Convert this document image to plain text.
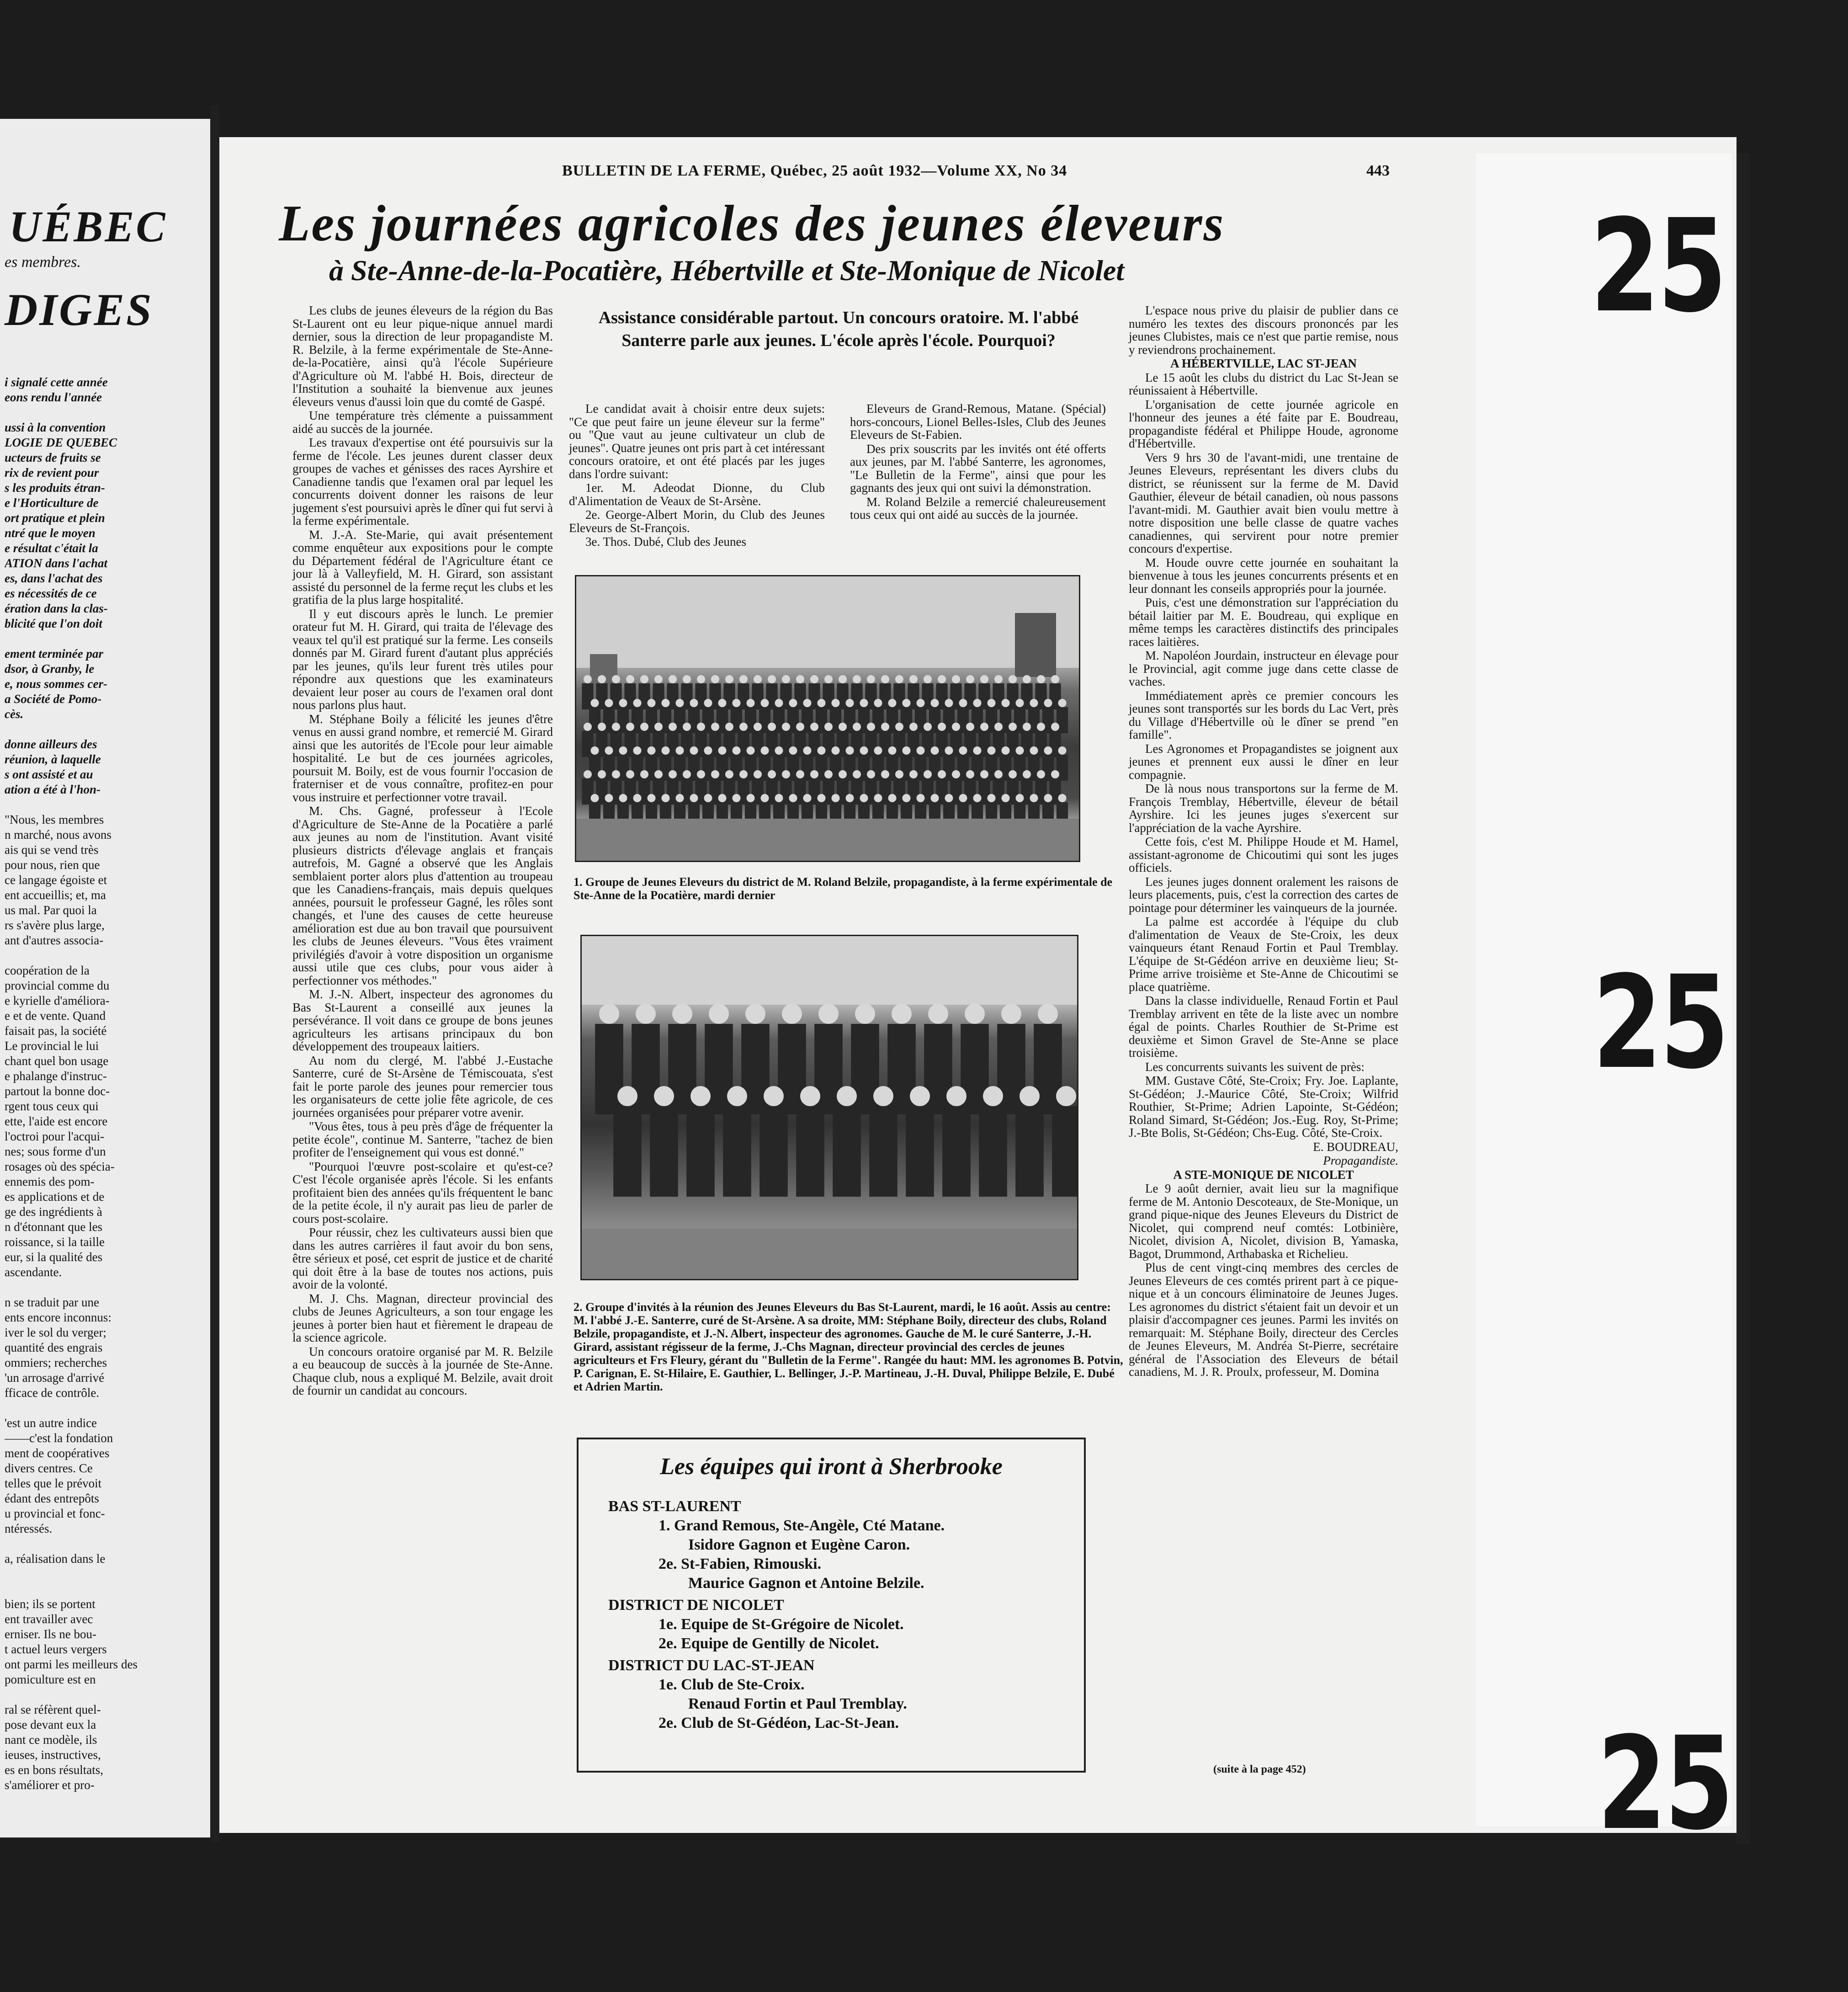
UÉBEC
es membres.
DIGES

i signalé cette année

eons rendu l'année

ussi à la convention

LOGIE DE QUEBEC

ucteurs de fruits se

rix de revient pour

s les produits étran-

e l'Horticulture de

ort pratique et plein

ntré que le moyen

e résultat c'était la

ATION dans l'achat

es, dans l'achat des

es nécessités de ce

ération dans la clas-

blicité que l'on doit

ement terminée par

dsor, à Granby, le

e, nous sommes cer-

a Société de Pomo-

cès.

donne ailleurs des

réunion, à laquelle

s ont assisté et au

ation a été à l'hon-

"Nous, les membres

n marché, nous avons

ais qui se vend très

pour nous, rien que

ce langage égoiste et

ent accueillis; et, ma

us mal. Par quoi la

rs s'avère plus large,

ant d'autres associa-

coopération de la

provincial comme du

e kyrielle d'améliora-

e et de vente. Quand

faisait pas, la société

Le provincial le lui

chant quel bon usage

e phalange d'instruc-

partout la bonne doc-

rgent tous ceux qui

ette, l'aide est encore

l'octroi pour l'acqui-

nes; sous forme d'un

rosages où des spécia-

ennemis des pom-

es applications et de

ge des ingrédients à

n d'étonnant que les

roissance, si la taille

eur, si la qualité des

ascendante.

n se traduit par une

ents encore inconnus:

iver le sol du verger;

quantité des engrais

ommiers; recherches

'un arrosage d'arrivé

fficace de contrôle.

'est un autre indice

——c'est la fondation

ment de coopératives

divers centres. Ce

telles que le prévoit

édant des entrepôts

u provincial et fonc-

ntéressés.

a, réalisation dans le

bien; ils se portent

ent travailler avec

erniser. Ils ne bou-

t actuel leurs vergers

ont parmi les meilleurs des

pomiculture est en

ral se réfèrent quel-

pose devant eux la

nant ce modèle, ils

ieuses, instructives,

es en bons résultats,

s'améliorer et pro-

BULLETIN DE LA FERME, Québec, 25 août 1932—Volume XX, No 34	443
Les journées agricoles des jeunes éleveurs
à Ste-Anne-de-la-Pocatière, Hébertville et Ste-Monique de Nicolet

Les clubs de jeunes éleveurs de la région du Bas St-Laurent ont eu leur pique-nique annuel mardi dernier, sous la direction de leur propagandiste M. R. Belzile, à la ferme expérimentale de Ste-Anne-de-la-Pocatière, ainsi qu'à l'école Supérieure d'Agriculture où M. l'abbé H. Bois, directeur de l'Institution a souhaité la bienvenue aux jeunes éleveurs venus d'aussi loin que du comté de Gaspé.

Une température très clémente a puissamment aidé au succès de la journée.

Les travaux d'expertise ont été poursuivis sur la ferme de l'école. Les jeunes durent classer deux groupes de vaches et génisses des races Ayrshire et Canadienne tandis que l'examen oral par lequel les concurrents doivent donner les raisons de leur jugement s'est poursuivi après le dîner qui fut servi à la ferme expérimentale.

M. J.-A. Ste-Marie, qui avait présentement comme enquêteur aux expositions pour le compte du Département fédéral de l'Agriculture étant ce jour là à Valleyfield, M. H. Girard, son assistant assisté du personnel de la ferme reçut les clubs et les gratifia de la plus large hospitalité.

Il y eut discours après le lunch. Le premier orateur fut M. H. Girard, qui traita de l'élevage des veaux tel qu'il est pratiqué sur la ferme. Les conseils donnés par M. Girard furent d'autant plus appréciés par les jeunes, qu'ils leur furent très utiles pour répondre aux questions que les examinateurs devaient leur poser au cours de l'examen oral dont nous parlons plus haut.

M. Stéphane Boily a félicité les jeunes d'être venus en aussi grand nombre, et remercié M. Girard ainsi que les autorités de l'Ecole pour leur aimable hospitalité. Le but de ces journées agricoles, poursuit M. Boily, est de vous fournir l'occasion de fraterniser et de vous connaître, profitez-en pour vous instruire et perfectionner votre travail.

M. Chs. Gagné, professeur à l'Ecole d'Agriculture de Ste-Anne de la Pocatière a parlé aux jeunes au nom de l'institution. Avant visité plusieurs districts d'élevage anglais et français autrefois, M. Gagné a observé que les Anglais semblaient porter alors plus d'attention au troupeau que les Canadiens-français, mais depuis quelques années, poursuit le professeur Gagné, les rôles sont changés, et l'une des causes de cette heureuse amélioration est due au bon travail que poursuivent les clubs de Jeunes éleveurs. "Vous êtes vraiment privilégiés d'avoir à votre disposition un organisme aussi utile que ces clubs, pour vous aider à perfectionner vos méthodes."

M. J.-N. Albert, inspecteur des agronomes du Bas St-Laurent a conseillé aux jeunes la persévérance. Il voit dans ce groupe de bons jeunes agriculteurs les artisans principaux du bon développement des troupeaux laitiers.

Au nom du clergé, M. l'abbé J.-Eustache Santerre, curé de St-Arsène de Témiscouata, s'est fait le porte parole des jeunes pour remercier tous les organisateurs de cette jolie fête agricole, de ces journées organisées pour préparer votre avenir.

"Vous êtes, tous à peu près d'âge de fréquenter la petite école", continue M. Santerre, "tachez de bien profiter de l'enseignement qui vous est donné."

"Pourquoi l'œuvre post-scolaire et qu'est-ce? C'est l'école organisée après l'école. Si les enfants profitaient bien des années qu'ils fréquentent le banc de la petite école, il n'y aurait pas lieu de parler de cours post-scolaire.

Pour réussir, chez les cultivateurs aussi bien que dans les autres carrières il faut avoir du bon sens, être sérieux et posé, cet esprit de justice et de charité qui doit être à la base de toutes nos actions, puis avoir de la volonté.

M. J. Chs. Magnan, directeur provincial des clubs de Jeunes Agriculteurs, a son tour engage les jeunes à porter bien haut et fièrement le drapeau de la science agricole.

Un concours oratoire organisé par M. R. Belzile a eu beaucoup de succès à la journée de Ste-Anne. Chaque club, nous a expliqué M. Belzile, avait droit de fournir un candidat au concours.

Assistance considérable partout. Un concours oratoire. M. l'abbé Santerre parle aux jeunes. L'école après l'école. Pourquoi?

Le candidat avait à choisir entre deux sujets: "Ce que peut faire un jeune éleveur sur la ferme" ou "Que vaut au jeune cultivateur un club de jeunes". Quatre jeunes ont pris part à cet intéressant concours oratoire, et ont été placés par les juges dans l'ordre suivant:

1er. M. Adeodat Dionne, du Club d'Alimentation de Veaux de St-Arsène.

2e. George-Albert Morin, du Club des Jeunes Eleveurs de St-François.

3e. Thos. Dubé, Club des Jeunes

Eleveurs de Grand-Remous, Matane. (Spécial) hors-concours, Lionel Belles-Isles, Club des Jeunes Eleveurs de St-Fabien.

Des prix souscrits par les invités ont été offerts aux jeunes, par M. l'abbé Santerre, les agronomes, "Le Bulletin de la Ferme", ainsi que pour les gagnants des jeux qui ont suivi la démonstration.

M. Roland Belzile a remercié chaleureusement tous ceux qui ont aidé au succès de la journée.

1. Groupe de Jeunes Eleveurs du district de M. Roland Belzile, propagandiste, à la ferme expérimentale de Ste-Anne de la Pocatière, mardi dernier
2. Groupe d'invités à la réunion des Jeunes Eleveurs du Bas St-Laurent, mardi, le 16 août. Assis au centre: M. l'abbé J.-E. Santerre, curé de St-Arsène. A sa droite, MM: Stéphane Boily, directeur des clubs, Roland Belzile, propagandiste, et J.-N. Albert, inspecteur des agronomes. Gauche de M. le curé Santerre, J.-H. Girard, assistant régisseur de la ferme, J.-Chs Magnan, directeur provincial des cercles de jeunes agriculteurs et Frs Fleury, gérant du "Bulletin de la Ferme". Rangée du haut: MM. les agronomes B. Potvin, P. Carignan, E. St-Hilaire, E. Gauthier, L. Bellinger, J.-P. Martineau, J.-H. Duval, Philippe Belzile, E. Dubé et Adrien Martin.
Les équipes qui iront à Sherbrooke
BAS ST-LAURENT
1. Grand Remous, Ste-Angèle, Cté Matane.
Isidore Gagnon et Eugène Caron.
2e. St-Fabien, Rimouski.
Maurice Gagnon et Antoine Belzile.
DISTRICT DE NICOLET
1e. Equipe de St-Grégoire de Nicolet.
2e. Equipe de Gentilly de Nicolet.
DISTRICT DU LAC-ST-JEAN
1e. Club de Ste-Croix.
Renaud Fortin et Paul Tremblay.
2e. Club de St-Gédéon, Lac-St-Jean.

L'espace nous prive du plaisir de publier dans ce numéro les textes des discours prononcés par les jeunes Clubistes, mais ce n'est que partie remise, nous y reviendrons prochainement.

A HÉBERTVILLE, LAC ST-JEAN

Le 15 août les clubs du district du Lac St-Jean se réunissaient à Hébertville.

L'organisation de cette journée agricole en l'honneur des jeunes a été faite par E. Boudreau, propagandiste fédéral et Philippe Houde, agronome d'Hébertville.

Vers 9 hrs 30 de l'avant-midi, une trentaine de Jeunes Eleveurs, représentant les divers clubs du district, se réunissent sur la ferme de M. David Gauthier, éleveur de bétail canadien, où nous passons l'avant-midi. M. Gauthier avait bien voulu mettre à notre disposition une belle classe de quatre vaches canadiennes, qui servirent pour notre premier concours d'expertise.

M. Houde ouvre cette journée en souhaitant la bienvenue à tous les jeunes concurrents présents et en leur donnant les conseils appropriés pour la journée.

Puis, c'est une démonstration sur l'appréciation du bétail laitier par M. E. Boudreau, qui explique en même temps les caractères distinctifs des principales races laitières.

M. Napoléon Jourdain, instructeur en élevage pour le Provincial, agit comme juge dans cette classe de vaches.

Immédiatement après ce premier concours les jeunes sont transportés sur les bords du Lac Vert, près du Village d'Hébertville où le dîner se prend "en famille".

Les Agronomes et Propagandistes se joignent aux jeunes et prennent eux aussi le dîner en leur compagnie.

De là nous nous transportons sur la ferme de M. François Tremblay, Hébertville, éleveur de bétail Ayrshire. Ici les jeunes juges s'exercent sur l'appréciation de la vache Ayrshire.

Cette fois, c'est M. Philippe Houde et M. Hamel, assistant-agronome de Chicoutimi qui sont les juges officiels.

Les jeunes juges donnent oralement les raisons de leurs placements, puis, c'est la correction des cartes de pointage pour déterminer les vainqueurs de la journée.

La palme est accordée à l'équipe du club d'alimentation de Veaux de Ste-Croix, les deux vainqueurs étant Renaud Fortin et Paul Tremblay. L'équipe de St-Gédéon arrive en deuxième lieu; St-Prime arrive troisième et Ste-Anne de Chicoutimi se place quatrième.

Dans la classe individuelle, Renaud Fortin et Paul Tremblay arrivent en tête de la liste avec un nombre égal de points. Charles Routhier de St-Prime est deuxième et Simon Gravel de Ste-Anne se place troisième.

Les concurrents suivants les suivent de près:

MM. Gustave Côté, Ste-Croix; Fry. Joe. Laplante, St-Gédéon; J.-Maurice Côté, Ste-Croix; Wilfrid Routhier, St-Prime; Adrien Lapointe, St-Gédéon; Roland Simard, St-Gédéon; Jos.-Eug. Roy, St-Prime; J.-Bte Bolis, St-Gédéon; Chs-Eug. Côté, Ste-Croix.

E. BOUDREAU,

Propagandiste.

A STE-MONIQUE DE NICOLET

Le 9 août dernier, avait lieu sur la magnifique ferme de M. Antonio Descoteaux, de Ste-Monique, un grand pique-nique des Jeunes Eleveurs du District de Nicolet, qui comprend neuf comtés: Lotbinière, Nicolet, division A, Nicolet, division B, Yamaska, Bagot, Drummond, Arthabaska et Richelieu.

Plus de cent vingt-cinq membres des cercles de Jeunes Eleveurs de ces comtés prirent part à ce pique-nique et à un concours éliminatoire de Jeunes Juges. Les agronomes du district s'étaient fait un devoir et un plaisir d'accompagner ces jeunes. Parmi les invités on remarquait: M. Stéphane Boily, directeur des Cercles de Jeunes Eleveurs, M. Andréa St-Pierre, secrétaire général de l'Association des Eleveurs de bétail canadiens, M. J. R. Proulx, professeur, M. Domina

(suite à la page 452)
25
25
25
